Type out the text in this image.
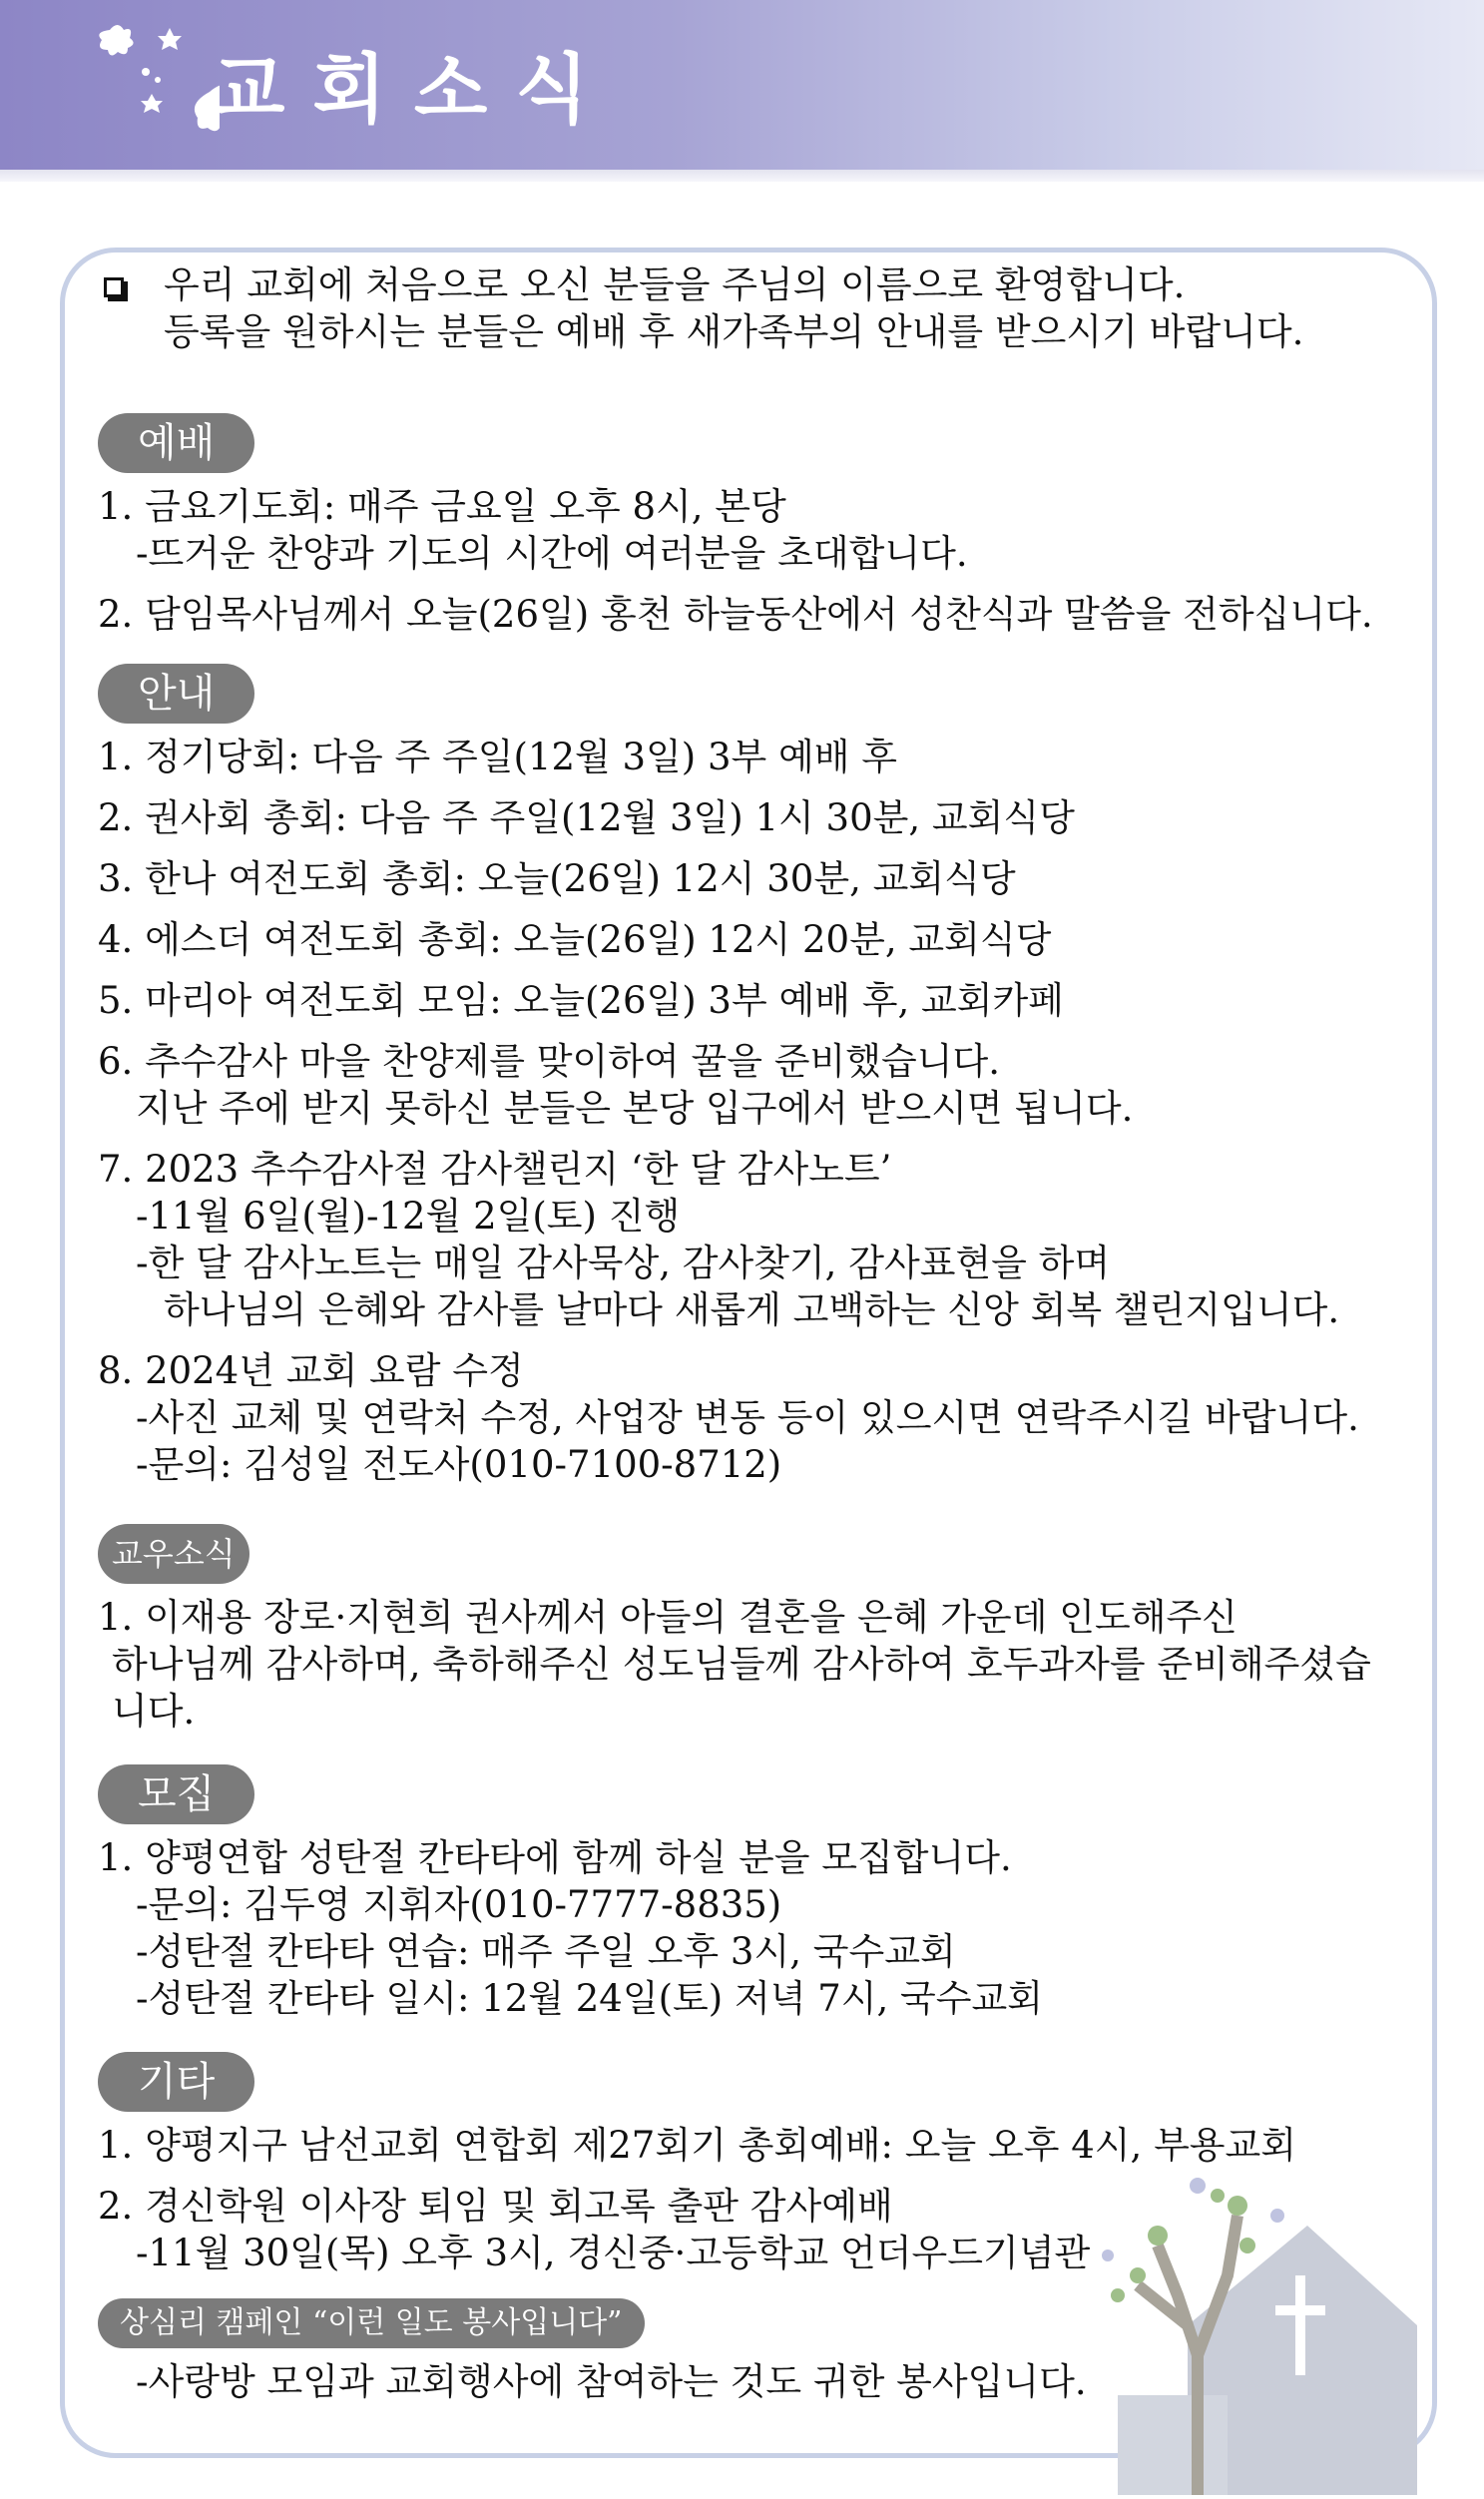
교회소식

우리 교회에 처음으로 오신 분들을 주님의 이름으로 환영합니다.

등록을 원하시는 분들은 예배 후 새가족부의 안내를 받으시기 바랍니다.

예배

1. 금요기도회: 매주 금요일 오후 8시, 본당

-뜨거운 찬양과 기도의 시간에 여러분을 초대합니다.

2. 담임목사님께서 오늘(26일) 홍천 하늘동산에서 성찬식과 말씀을 전하십니다.

안내

1. 정기당회: 다음 주 주일(12월 3일) 3부 예배 후

2. 권사회 총회: 다음 주 주일(12월 3일) 1시 30분, 교회식당

3. 한나 여전도회 총회: 오늘(26일) 12시 30분, 교회식당

4. 에스더 여전도회 총회: 오늘(26일) 12시 20분, 교회식당

5. 마리아 여전도회 모임: 오늘(26일) 3부 예배 후, 교회카페

6. 추수감사 마을 찬양제를 맞이하여 꿀을 준비했습니다.

지난 주에 받지 못하신 분들은 본당 입구에서 받으시면 됩니다.

7. 2023 추수감사절 감사챌린지 ‘한 달 감사노트’

-11월 6일(월)-12월 2일(토) 진행

-한 달 감사노트는 매일 감사묵상, 감사찾기, 감사표현을 하며

하나님의 은혜와 감사를 날마다 새롭게 고백하는 신앙 회복 챌린지입니다.

8. 2024년 교회 요람 수정

-사진 교체 및 연락처 수정, 사업장 변동 등이 있으시면 연락주시길 바랍니다.

-문의: 김성일 전도사(010-7100-8712)

교우소식

1. 이재용 장로·지현희 권사께서 아들의 결혼을 은혜 가운데 인도해주신

하나님께 감사하며, 축하해주신 성도님들께 감사하여 호두과자를 준비해주셨습니다.

모집

1. 양평연합 성탄절 칸타타에 함께 하실 분을 모집합니다.

-문의: 김두영 지휘자(010-7777-8835)

-성탄절 칸타타 연습: 매주 주일 오후 3시, 국수교회

-성탄절 칸타타 일시: 12월 24일(토) 저녁 7시, 국수교회

기타

1. 양평지구 남선교회 연합회 제27회기 총회예배: 오늘 오후 4시, 부용교회

2. 경신학원 이사장 퇴임 및 회고록 출판 감사예배

-11월 30일(목) 오후 3시, 경신중·고등학교 언더우드기념관

상심리 캠페인 “이런 일도 봉사입니다”

-사랑방 모임과 교회행사에 참여하는 것도 귀한 봉사입니다.
